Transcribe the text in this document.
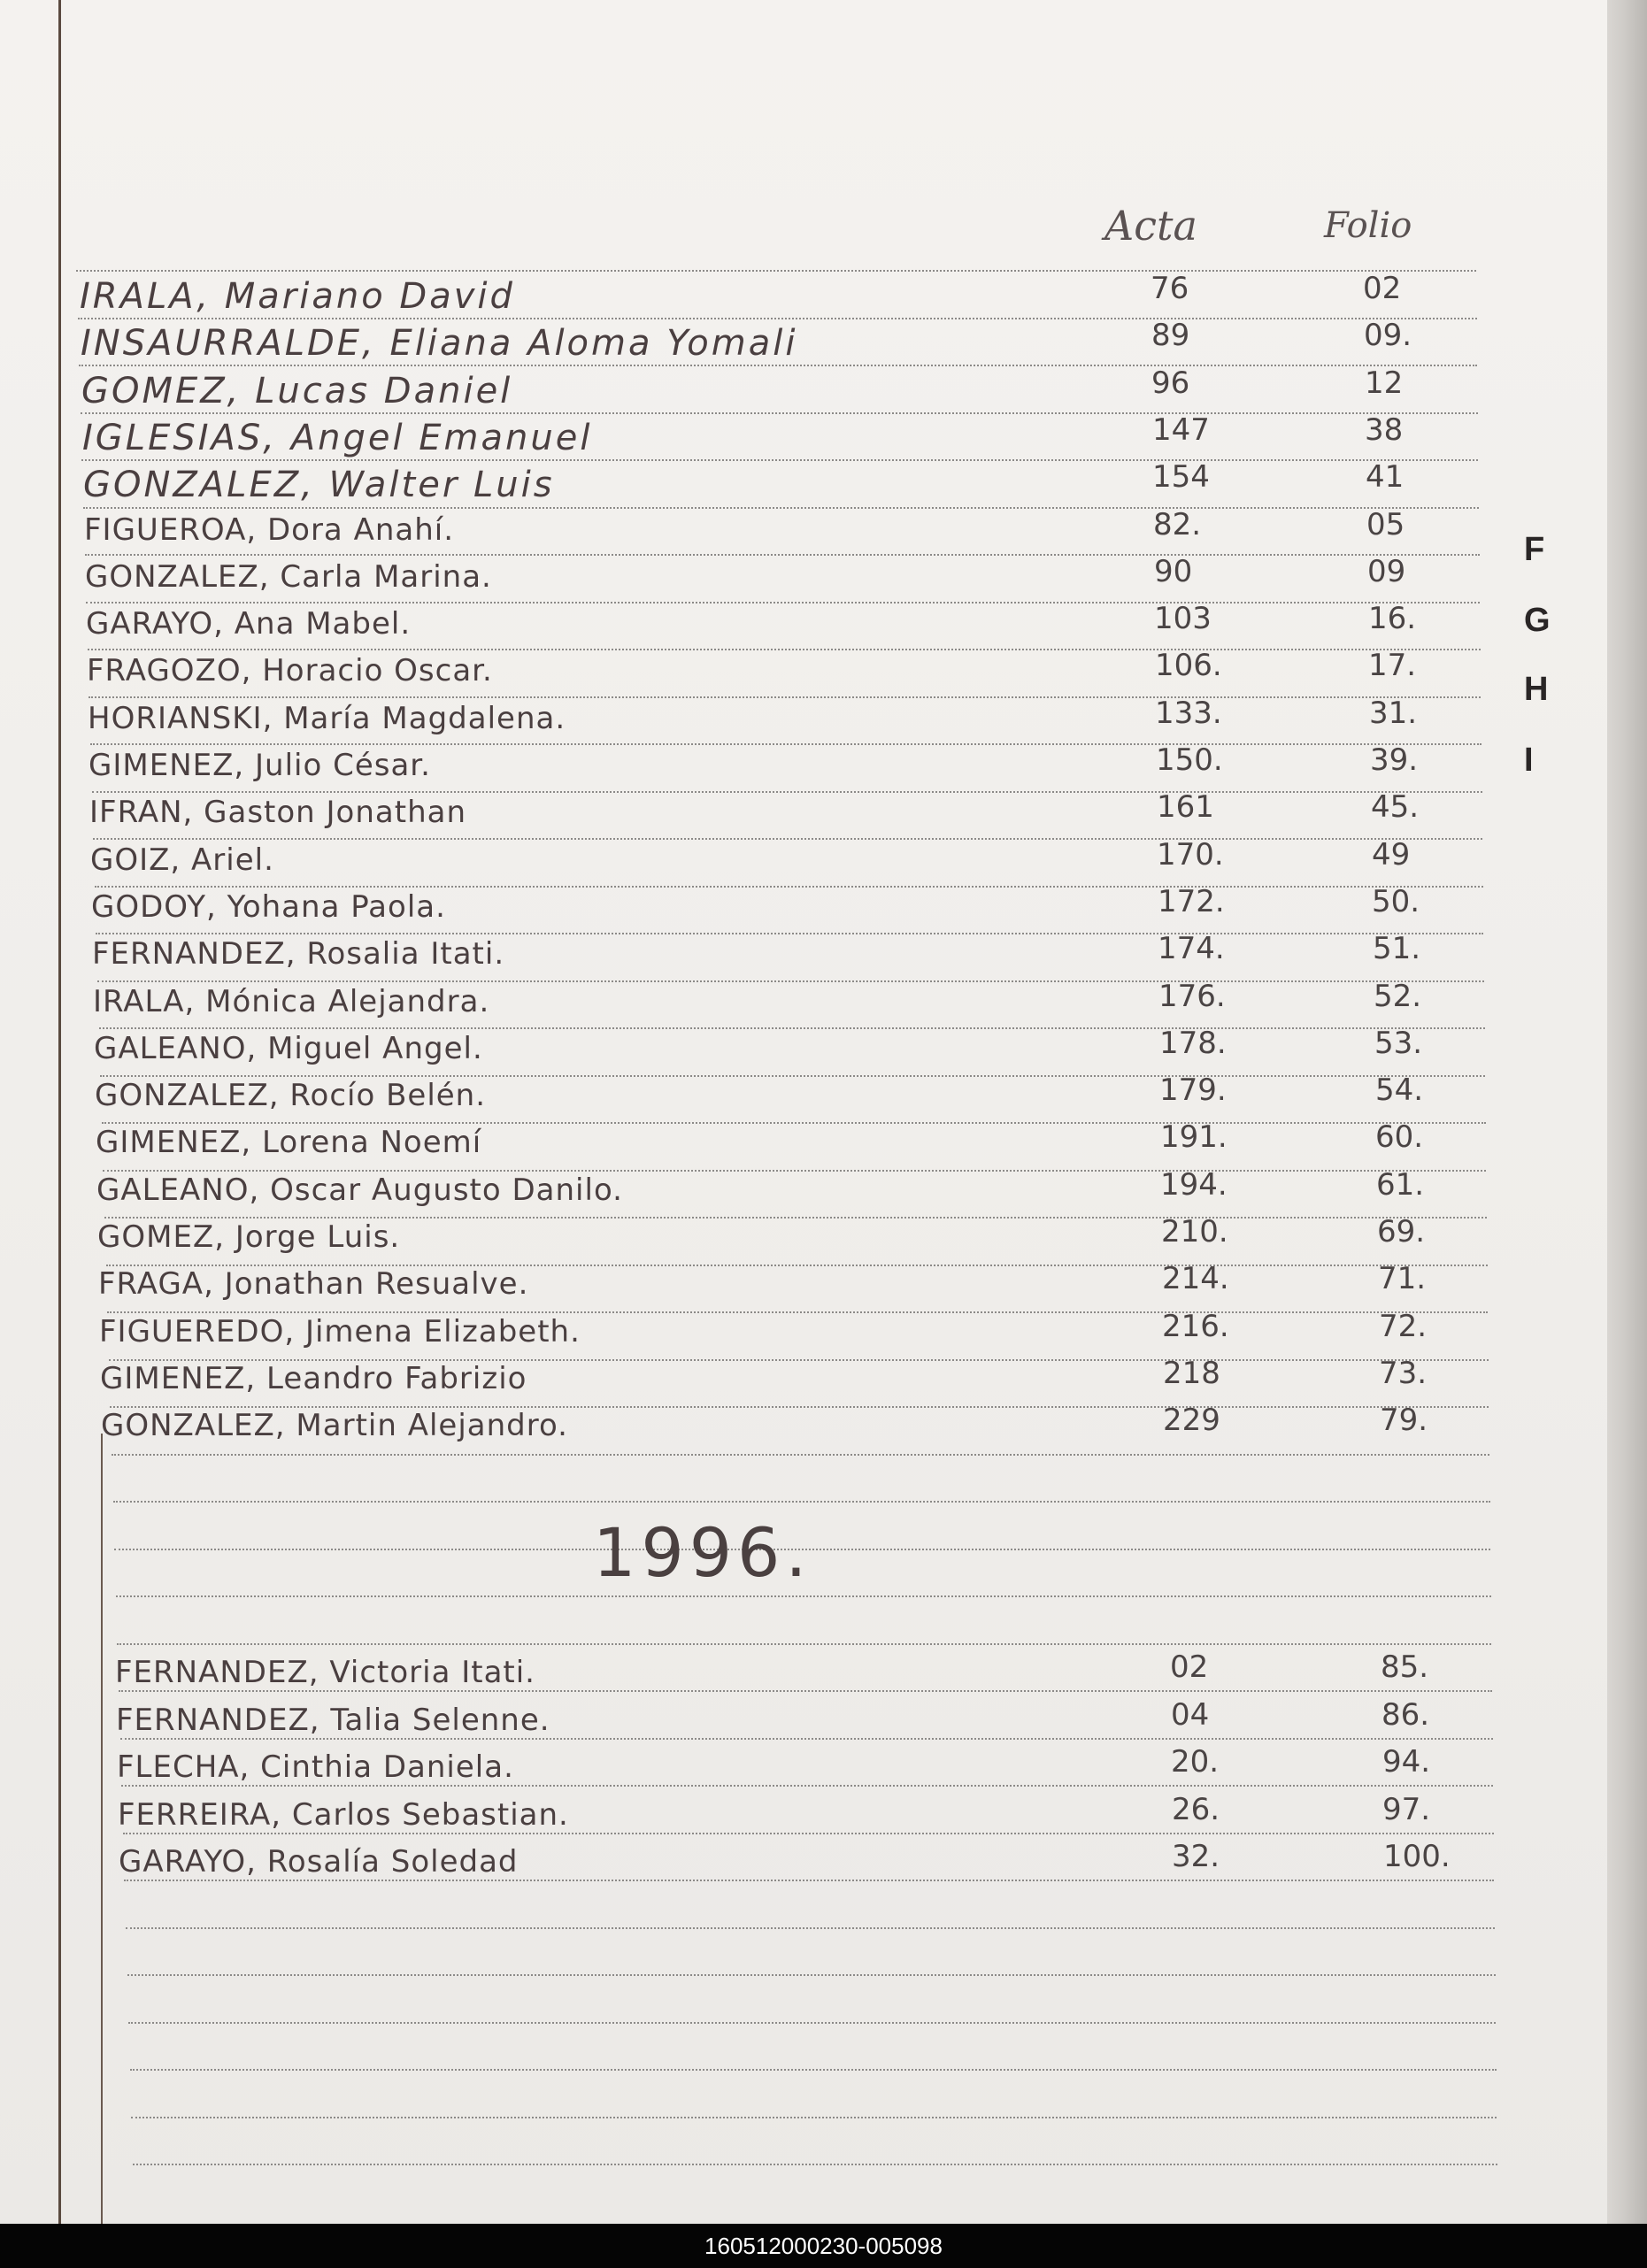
Acta	Folio
F
G
H
I
IRALA, Mariano David	76	02
INSAURRALDE, Eliana Aloma Yomali	89	09.
GOMEZ, Lucas Daniel	96	12
IGLESIAS, Angel Emanuel	147	38
GONZALEZ, Walter Luis	154	41
FIGUEROA, Dora Anahí.	82.	05
GONZALEZ, Carla Marina.	90	09
GARAYO, Ana Mabel.	103	16.
FRAGOZO, Horacio Oscar.	106.	17.
HORIANSKI, María Magdalena.	133.	31.
GIMENEZ, Julio César.	150.	39.
IFRAN, Gaston Jonathan	161	45.
GOIZ, Ariel.	170.	49
GODOY, Yohana Paola.	172.	50.
FERNANDEZ, Rosalia Itati.	174.	51.
IRALA, Mónica Alejandra.	176.	52.
GALEANO, Miguel Angel.	178.	53.
GONZALEZ, Rocío Belén.	179.	54.
GIMENEZ, Lorena Noemí	191.	60.
GALEANO, Oscar Augusto Danilo.	194.	61.
GOMEZ, Jorge Luis.	210.	69.
FRAGA, Jonathan Resualve.	214.	71.
FIGUEREDO, Jimena Elizabeth.	216.	72.
GIMENEZ, Leandro Fabrizio	218	73.
GONZALEZ, Martin Alejandro.	229	79.
1996.
FERNANDEZ, Victoria Itati.	02	85.
FERNANDEZ, Talia Selenne.	04	86.
FLECHA, Cinthia Daniela.	20.	94.
FERREIRA, Carlos Sebastian.	26.	97.
GARAYO, Rosalía Soledad	32.	100.
160512000230-005098
